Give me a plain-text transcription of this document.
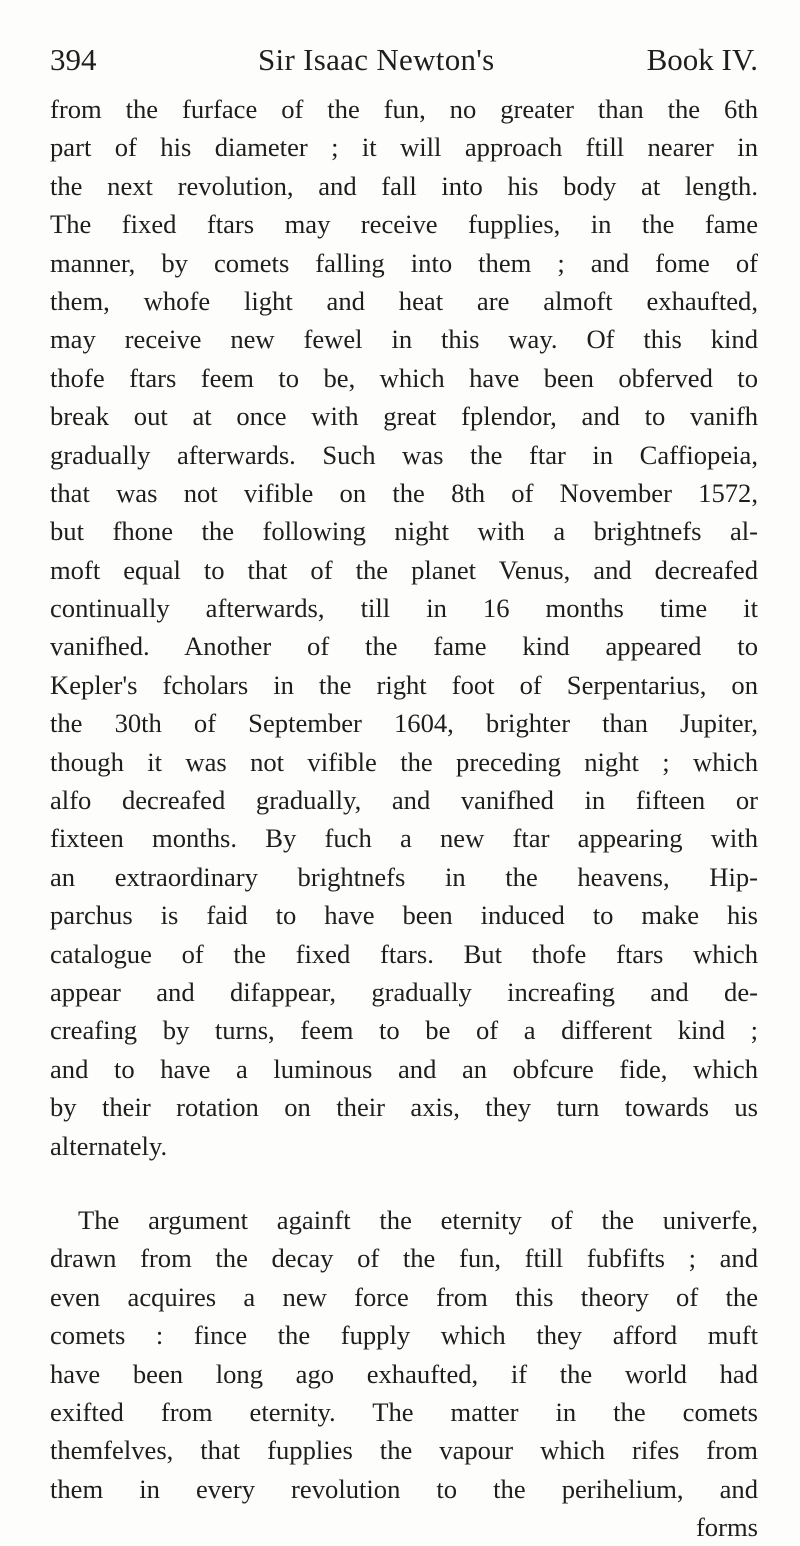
394	Sir Isaac Newton's	Book IV.
from the furface of the fun, no greater than the 6th
part of his diameter ; it will approach ftill nearer in
the next revolution, and fall into his body at length.
The fixed ftars may receive fupplies, in the fame
manner, by comets falling into them ; and fome of
them, whofe light and heat are almoft exhaufted,
may receive new fewel in this way. Of this kind
thofe ftars feem to be, which have been obferved to
break out at once with great fplendor, and to vanifh
gradually afterwards. Such was the ftar in Caffiopeia,
that was not vifible on the 8th of November 1572,
but fhone the following night with a brightnefs al-
moft equal to that of the planet Venus, and decreafed
continually afterwards, till in 16 months time it
vanifhed. Another of the fame kind appeared to
Kepler's fcholars in the right foot of Serpentarius, on
the 30th of September 1604, brighter than Jupiter,
though it was not vifible the preceding night ; which
alfo decreafed gradually, and vanifhed in fifteen or
fixteen months. By fuch a new ftar appearing with
an extraordinary brightnefs in the heavens, Hip-
parchus is faid to have been induced to make his
catalogue of the fixed ftars. But thofe ftars which
appear and difappear, gradually increafing and de-
creafing by turns, feem to be of a different kind ;
and to have a luminous and an obfcure fide, which
by their rotation on their axis, they turn towards us
alternately.
The argument againft the eternity of the univerfe,
drawn from the decay of the fun, ftill fubfifts ; and
even acquires a new force from this theory of the
comets : fince the fupply which they afford muft
have been long ago exhaufted, if the world had
exifted from eternity. The matter in the comets
themfelves, that fupplies the vapour which rifes from
them in every revolution to the perihelium, and
forms
